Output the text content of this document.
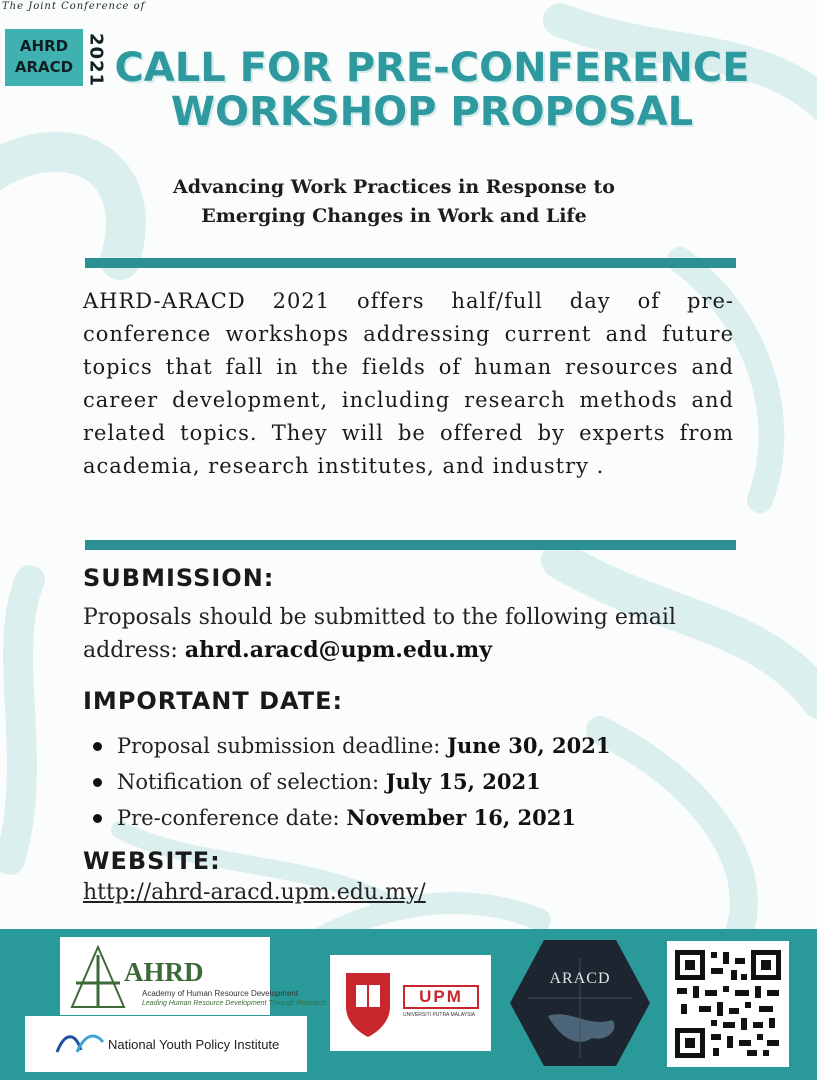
The Joint Conference of
AHRD
ARACD 2021 CALL FOR PRE-CONFERENCE
WORKSHOP PROPOSAL
Advancing Work Practices in Response to
Emerging Changes in Work and Life
AHRD-ARACD 2021 offers half/full day of pre-conference workshops addressing current and future topics that fall in the fields of human resources and career development, including research methods and related topics. They will be offered by experts from academia, research institutes, and industry .
SUBMISSION:
Proposals should be submitted to the following email address: ahrd.aracd@upm.edu.my
IMPORTANT DATE:
Proposal submission deadline: June 30, 2021
Notification of selection: July 15, 2021
Pre-conference date: November 16, 2021
WEBSITE:
http://ahrd-aracd.upm.edu.my/
AHRD
Academy of Human Resource Development
Leading Human Resource Development Through Research
National Youth Policy Institute
UPM
UNIVERSITI PUTRA MALAYSIA
ARACD
